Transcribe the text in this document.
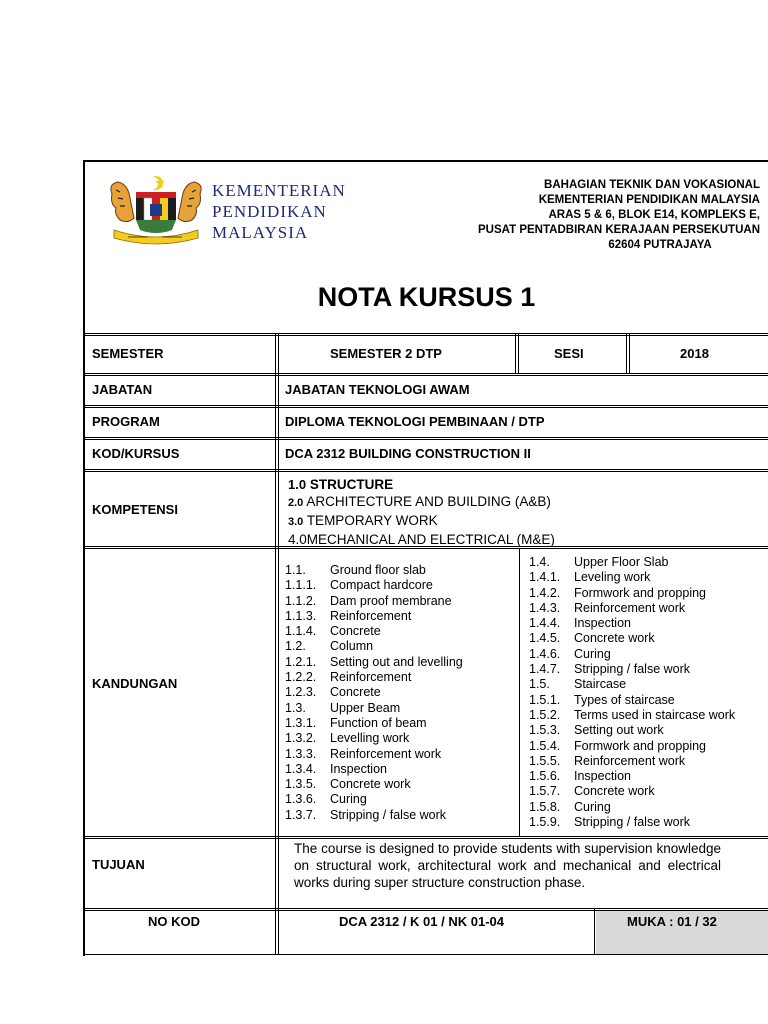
KEMENTERIAN
PENDIDIKAN
MALAYSIA
BAHAGIAN TEKNIK DAN VOKASIONAL
KEMENTERIAN PENDIDIKAN MALAYSIA
ARAS 5 & 6, BLOK E14, KOMPLEKS E,
PUSAT PENTADBIRAN KERAJAAN PERSEKUTUAN
62604 PUTRAJAYA
NOTA KURSUS 1
SEMESTER	SEMESTER 2 DTP	SESI	2018
JABATAN	JABATAN TEKNOLOGI AWAM
PROGRAM	DIPLOMA TEKNOLOGI PEMBINAAN / DTP
KOD/KURSUS	DCA 2312 BUILDING CONSTRUCTION II
KOMPETENSI
1.0 STRUCTURE
2.0 ARCHITECTURE AND BUILDING (A&B)
3.0 TEMPORARY WORK
4.0MECHANICAL AND ELECTRICAL (M&E)
KANDUNGAN
1.1. Ground floor slab
1.1.1. Compact hardcore
1.1.2. Dam proof membrane
1.1.3. Reinforcement
1.1.4. Concrete
1.2. Column
1.2.1. Setting out and levelling
1.2.2. Reinforcement
1.2.3. Concrete
1.3. Upper Beam
1.3.1. Function of beam
1.3.2. Levelling work
1.3.3. Reinforcement work
1.3.4. Inspection
1.3.5. Concrete work
1.3.6. Curing
1.3.7. Stripping / false work
1.4. Upper Floor Slab
1.4.1. Leveling work
1.4.2. Formwork and propping
1.4.3. Reinforcement work
1.4.4. Inspection
1.4.5. Concrete work
1.4.6. Curing
1.4.7. Stripping / false work
1.5. Staircase
1.5.1. Types of staircase
1.5.2. Terms used in staircase work
1.5.3. Setting out work
1.5.4. Formwork and propping
1.5.5. Reinforcement work
1.5.6. Inspection
1.5.7. Concrete work
1.5.8. Curing
1.5.9. Stripping / false work
TUJUAN
The course is designed to provide students with supervision knowledge on structural work, architectural work and mechanical and electrical works during super structure construction phase.
NO KOD	DCA 2312 / K 01 / NK 01-04	MUKA : 01 / 32
